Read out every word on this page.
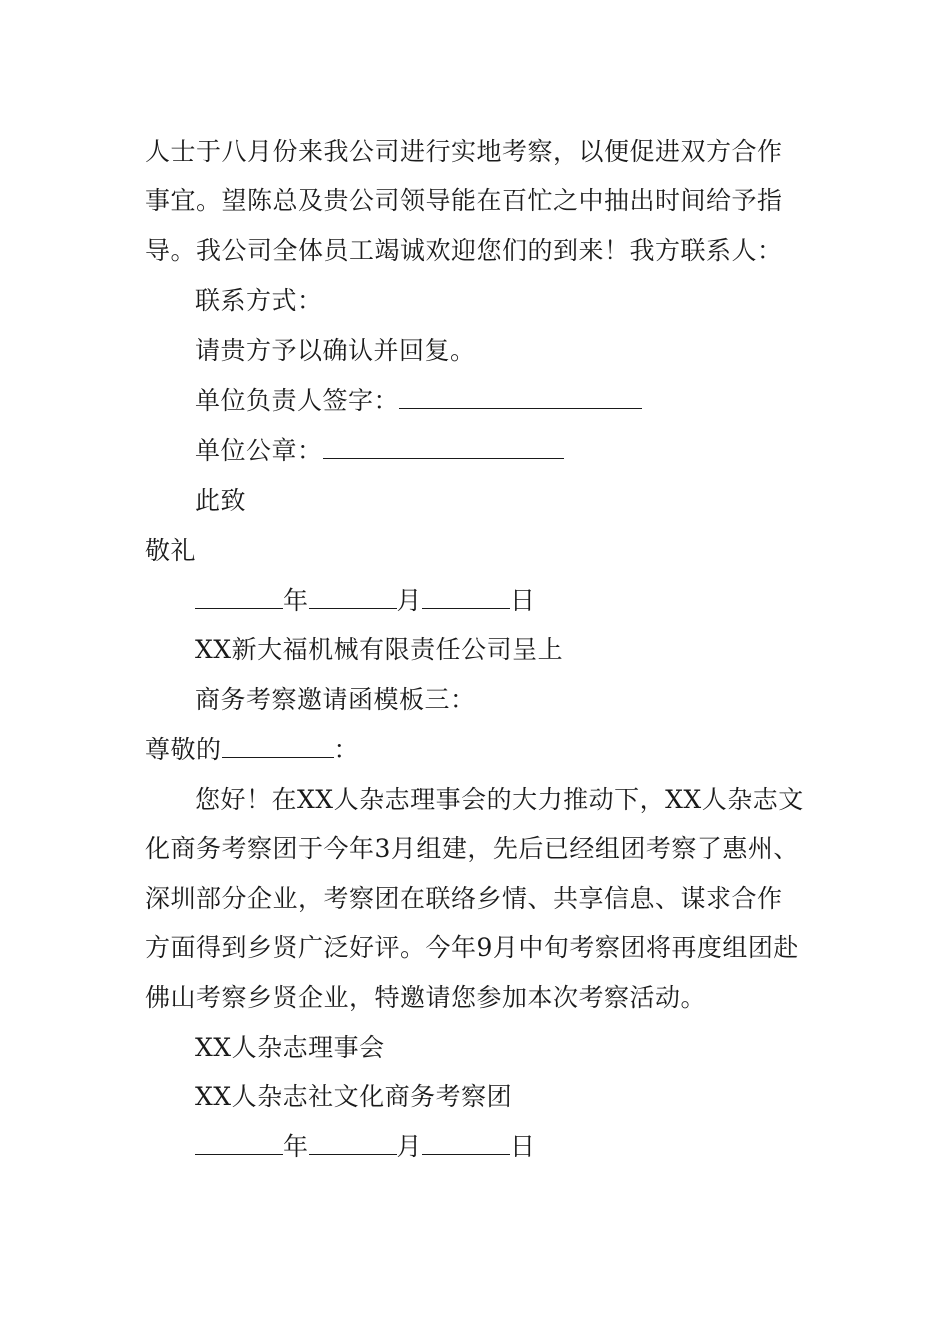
人士于八月份来我公司进行实地考察，以便促进双方合作
事宜。望陈总及贵公司领导能在百忙之中抽出时间给予指
导。我公司全体员工竭诚欢迎您们的到来！我方联系人：
联系方式：
请贵方予以确认并回复。
单位负责人签字：
单位公章：
此致
敬礼
年	月	日
XX新大福机械有限责任公司呈上
商务考察邀请函模板三：
尊敬的	：
您好！在XX人杂志理事会的大力推动下，XX人杂志文
化商务考察团于今年3月组建，先后已经组团考察了惠州、
深圳部分企业，考察团在联络乡情、共享信息、谋求合作
方面得到乡贤广泛好评。今年9月中旬考察团将再度组团赴
佛山考察乡贤企业，特邀请您参加本次考察活动。
XX人杂志理事会
XX人杂志社文化商务考察团
年	月	日
